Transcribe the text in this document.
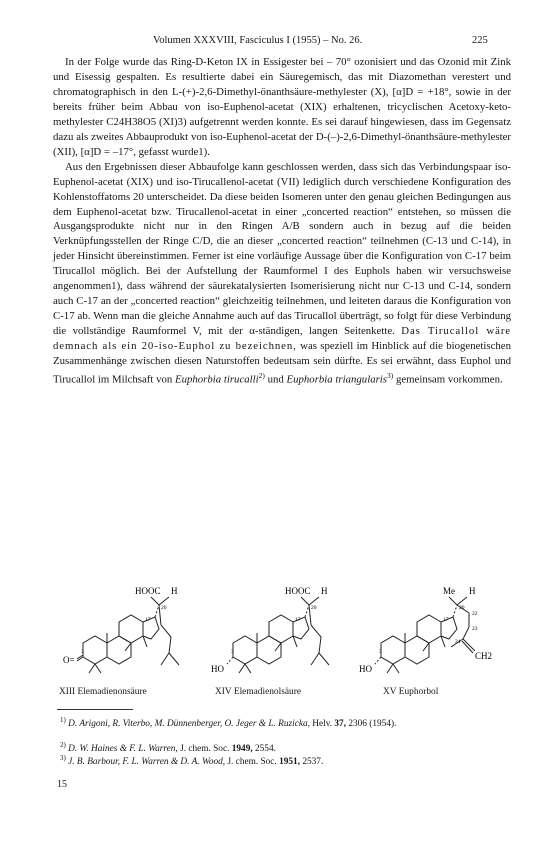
Volumen XXXVIII, Fasciculus I (1955) – No. 26.	225

In der Folge wurde das Ring-D-Keton IX in Essigester bei – 70° ozonisiert und das Ozonid mit Zink und Eisessig gespalten. Es resultierte dabei ein Säuregemisch, das mit Diazomethan verestert und chromatographisch in den L-(+)-2,6-Dimethyl-önanthsäure-methylester (X), [α]D = +18°, sowie in der bereits früher beim Abbau von iso-Euphenol-acetat (XIX) erhaltenen, tricyclischen Acetoxy-keto-methylester C24H38O5 (XI)3) aufgetrennt werden konnte. Es sei darauf hingewiesen, dass im Gegensatz dazu als zweites Abbauprodukt von iso-Euphenol-acetat der D-(–)-2,6-Dimethyl-önanthsäure-methylester (XII), [α]D = –17°, gefasst wurde1).

Aus den Ergebnissen dieser Abbaufolge kann geschlossen werden, dass sich das Verbindungspaar iso-Euphenol-acetat (XIX) und iso-Tirucallenol-acetat (VII) lediglich durch verschiedene Konfiguration des Kohlenstoffatoms 20 unterscheidet. Da diese beiden Isomeren unter den genau gleichen Bedingungen aus dem Euphenol-acetat bzw. Tirucallenol-acetat in einer „concerted reaction“ entstehen, so müssen die Ausgangsprodukte nicht nur in den Ringen A/B sondern auch in bezug auf die beiden Verknüpfungsstellen der Ringe C/D, die an dieser „concerted reaction“ teilnehmen (C-13 und C-14), in jeder Hinsicht übereinstimmen. Ferner ist eine vorläufige Aussage über die Konfiguration von C-17 beim Tirucallol möglich. Bei der Aufstellung der Raumformel I des Euphols haben wir versuchsweise angenommen1), dass während der säurekatalysierten Isomerisierung nicht nur C-13 und C-14, sondern auch C-17 an der „concerted reaction“ gleichzeitig teilnehmen, und leiteten daraus die Konfiguration von C-17 ab. Wenn man die gleiche Annahme auch auf das Tirucallol überträgt, so folgt für diese Verbindung die vollständige Raumformel V, mit der α-ständigen, langen Seitenkette. Das Tirucallol wäre demnach als ein 20-iso-Euphol zu bezeichnen, was speziell im Hinblick auf die biogenetischen Zusammenhänge zwischen diesen Naturstoffen bedeutsam sein dürfte. Es sei erwähnt, dass Euphol und Tirucallol im Milchsaft von Euphorbia tirucalli$^{2)}$ und Euphorbia triangularis$^{3)}$ gemeinsam vorkommen.

HOOC H
20
17
O=
3
XIII Elemadienonsäure
HOOC H
20
17
HO
3
XIV Elemadienolsäure
Me H
20
17
22
23
24
CH2
HO
3
XV Euphorbol
$^{1)}$ D. Arigoni, R. Viterbo, M. Dünnenberger, O. Jeger & L. Ruzicka, Helv. 37, 2306 (1954).
$^{2)}$ D. W. Haines & F. L. Warren, J. chem. Soc. 1949, 2554.
$^{3)}$ J. B. Barbour, F. L. Warren & D. A. Wood, J. chem. Soc. 1951, 2537.
15
